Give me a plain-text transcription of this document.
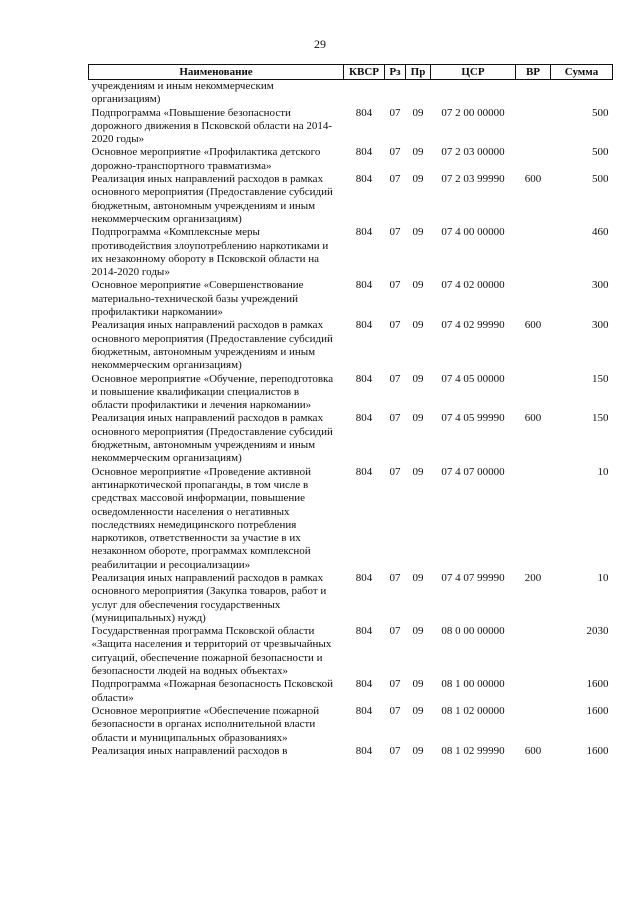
29
Наименование	КВСР	Рз	Пр	ЦСР	ВР	Сумма
учреждениям и иным некоммерческим организациям)						
Подпрограмма «Повышение безопасности дорожного движения в Псковской области на 2014-2020 годы»	804	07	09	07 2 00 00000		500
Основное мероприятие «Профилактика детского дорожно-транспортного травматизма»	804	07	09	07 2 03 00000		500
Реализация иных направлений расходов в рамках основного мероприятия (Предоставление субсидий бюджетным, автономным учреждениям и иным некоммерческим организациям)	804	07	09	07 2 03 99990	600	500
Подпрограмма «Комплексные меры противодействия злоупотреблению наркотиками и их незаконному обороту в Псковской области на 2014-2020 годы»	804	07	09	07 4 00 00000		460
Основное мероприятие «Совершенствование материально-технической базы учреждений профилактики наркомании»	804	07	09	07 4 02 00000		300
Реализация иных направлений расходов в рамках основного мероприятия (Предоставление субсидий бюджетным, автономным учреждениям и иным некоммерческим организациям)	804	07	09	07 4 02 99990	600	300
Основное мероприятие «Обучение, переподготовка и повышение квалификации специалистов в области профилактики и лечения наркомании»	804	07	09	07 4 05 00000		150
Реализация иных направлений расходов в рамках основного мероприятия (Предоставление субсидий бюджетным, автономным учреждениям и иным некоммерческим организациям)	804	07	09	07 4 05 99990	600	150
Основное мероприятие «Проведение активной антинаркотической пропаганды, в том числе в средствах массовой информации, повышение осведомленности населения о негативных последствиях немедицинского потребления наркотиков, ответственности за участие в их незаконном обороте, программах комплексной реабилитации и ресоциализации»	804	07	09	07 4 07 00000		10
Реализация иных направлений расходов в рамках основного мероприятия (Закупка товаров, работ и услуг для обеспечения государственных (муниципальных) нужд)	804	07	09	07 4 07 99990	200	10
Государственная программа Псковской области «Защита населения и территорий от чрезвычайных ситуаций, обеспечение пожарной безопасности и безопасности людей на водных объектах»	804	07	09	08 0 00 00000		2030
Подпрограмма «Пожарная безопасность Псковской области»	804	07	09	08 1 00 00000		1600
Основное мероприятие «Обеспечение пожарной безопасности в органах исполнительной власти области и муниципальных образованиях»	804	07	09	08 1 02 00000		1600
Реализация иных направлений расходов в	804	07	09	08 1 02 99990	600	1600
